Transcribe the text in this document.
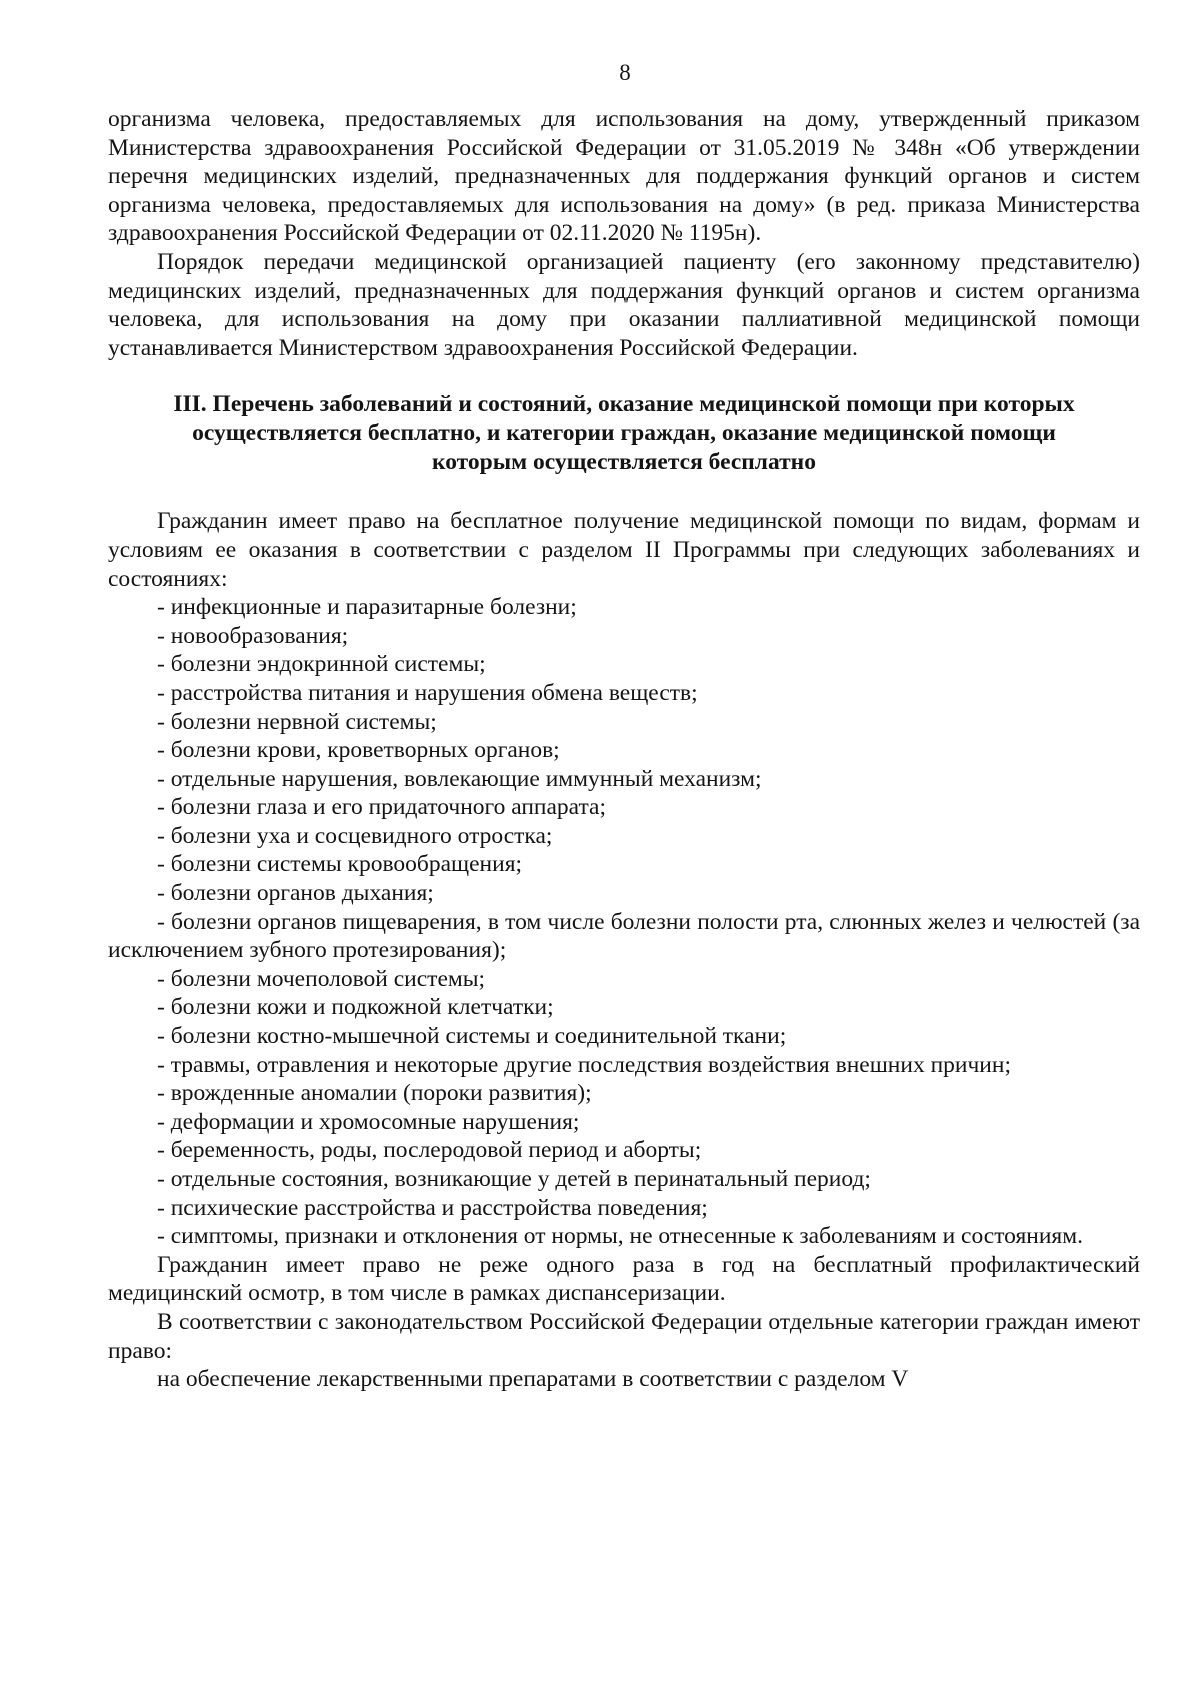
8

организма человека, предоставляемых для использования на дому, утвержденный приказом Министерства здравоохранения Российской Федерации от 31.05.2019 № 348н «Об утверждении перечня медицинских изделий, предназначенных для поддержания функций органов и систем организма человека, предоставляемых для использования на дому» (в ред. приказа Министерства здравоохранения Российской Федерации от 02.11.2020 № 1195н).

Порядок передачи медицинской организацией пациенту (его законному представителю) медицинских изделий, предназначенных для поддержания функций органов и систем организма человека, для использования на дому при оказании паллиативной медицинской помощи устанавливается Министерством здравоохранения Российской Федерации.

III. Перечень заболеваний и состояний, оказание медицинской помощи при которых
осуществляется бесплатно, и категории граждан, оказание медицинской помощи
которым осуществляется бесплатно

Гражданин имеет право на бесплатное получение медицинской помощи по видам, формам и условиям ее оказания в соответствии с разделом II Программы при следующих заболеваниях и состояниях:

- инфекционные и паразитарные болезни;
- новообразования;
- болезни эндокринной системы;
- расстройства питания и нарушения обмена веществ;
- болезни нервной системы;
- болезни крови, кроветворных органов;
- отдельные нарушения, вовлекающие иммунный механизм;
- болезни глаза и его придаточного аппарата;
- болезни уха и сосцевидного отростка;
- болезни системы кровообращения;
- болезни органов дыхания;
- болезни органов пищеварения, в том числе болезни полости рта, слюнных желез и челюстей (за исключением зубного протезирования);
- болезни мочеполовой системы;
- болезни кожи и подкожной клетчатки;
- болезни костно-мышечной системы и соединительной ткани;
- травмы, отравления и некоторые другие последствия воздействия внешних причин;
- врожденные аномалии (пороки развития);
- деформации и хромосомные нарушения;
- беременность, роды, послеродовой период и аборты;
- отдельные состояния, возникающие у детей в перинатальный период;
- психические расстройства и расстройства поведения;
- симптомы, признаки и отклонения от нормы, не отнесенные к заболеваниям и состояниям.

Гражданин имеет право не реже одного раза в год на бесплатный профилактический медицинский осмотр, в том числе в рамках диспансеризации.

В соответствии с законодательством Российской Федерации отдельные категории граждан имеют право:

на обеспечение лекарственными препаратами в соответствии с разделом V
